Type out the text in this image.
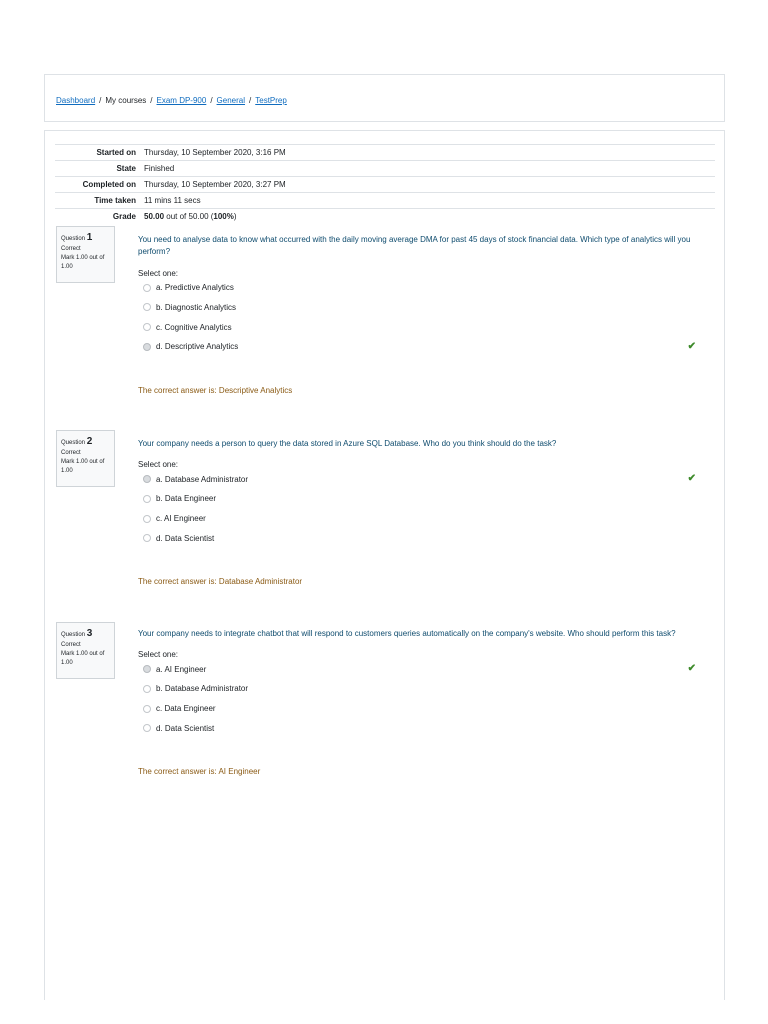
Dashboard / My courses / Exam DP-900 / General / TestPrep
Started on	Thursday, 10 September 2020, 3:16 PM
State	Finished
Completed on	Thursday, 10 September 2020, 3:27 PM
Time taken	11 mins 11 secs
Grade	50.00 out of 50.00 (100%)
Question 1
Correct
Mark 1.00 out of 1.00
You need to analyse data to know what occurred with the daily moving average DMA for past 45 days of stock financial data. Which type of analytics will you perform?
Select one:
a. Predictive Analytics
b. Diagnostic Analytics
c. Cognitive Analytics
d. Descriptive Analytics	✔
The correct answer is: Descriptive Analytics
Question 2
Correct
Mark 1.00 out of 1.00
Your company needs a person to query the data stored in Azure SQL Database. Who do you think should do the task?
Select one:
a. Database Administrator	✔
b. Data Engineer
c. AI Engineer
d. Data Scientist
The correct answer is: Database Administrator
Question 3
Correct
Mark 1.00 out of 1.00
Your company needs to integrate chatbot that will respond to customers queries automatically on the company's website. Who should perform this task?
Select one:
a. AI Engineer	✔
b. Database Administrator
c. Data Engineer
d. Data Scientist
The correct answer is: AI Engineer
